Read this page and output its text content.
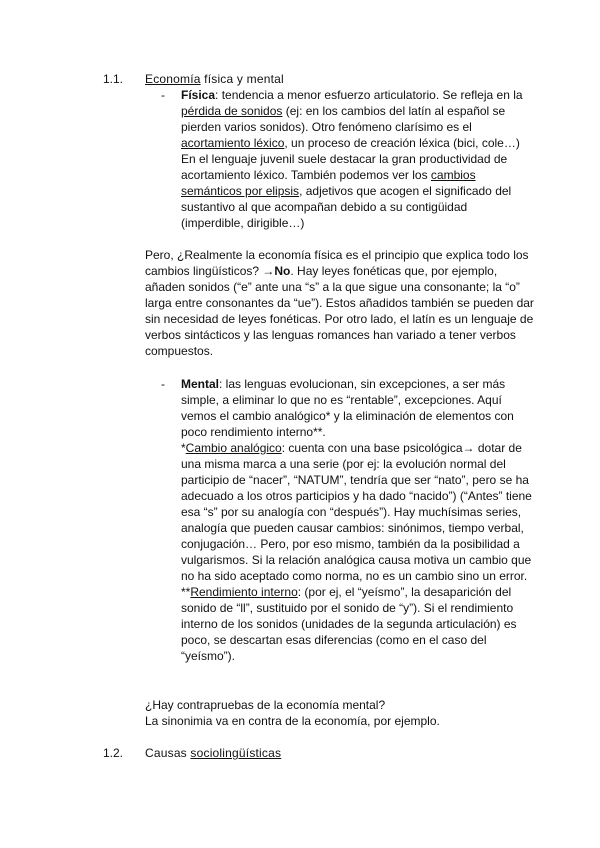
1.1. Economía física y mental
- Física: tendencia a menor esfuerzo articulatorio. Se refleja en la pérdida de sonidos (ej: en los cambios del latín al español se pierden varios sonidos). Otro fenómeno clarísimo es el acortamiento léxico, un proceso de creación léxica (bici, cole…) En el lenguaje juvenil suele destacar la gran productividad de acortamiento léxico. También podemos ver los cambios semánticos por elipsis, adjetivos que acogen el significado del sustantivo al que acompañan debido a su contigüidad (imperdible, dirigible…)
Pero, ¿Realmente la economía física es el principio que explica todo los cambios lingüísticos? →No. Hay leyes fonéticas que, por ejemplo, añaden sonidos (“e” ante una “s” a la que sigue una consonante; la “o” larga entre consonantes da “ue”). Estos añadidos también se pueden dar sin necesidad de leyes fonéticas. Por otro lado, el latín es un lenguaje de verbos sintácticos y las lenguas romances han variado a tener verbos compuestos.
- Mental: las lenguas evolucionan, sin excepciones, a ser más simple, a eliminar lo que no es “rentable”, excepciones. Aquí vemos el cambio analógico* y la eliminación de elementos con poco rendimiento interno**.

*Cambio analógico: cuenta con una base psicológica→ dotar de una misma marca a una serie (por ej: la evolución normal del participio de “nacer”, “NATUM”, tendría que ser “nato”, pero se ha adecuado a los otros participios y ha dado “nacido”) (“Antes” tiene esa “s” por su analogía con “después”). Hay muchísimas series, analogía que pueden causar cambios: sinónimos, tiempo verbal, conjugación… Pero, por eso mismo, también da la posibilidad a vulgarismos. Si la relación analógica causa motiva un cambio que no ha sido aceptado como norma, no es un cambio sino un error.

**Rendimiento interno: (por ej, el “yeísmo”, la desaparición del sonido de “ll”, sustituido por el sonido de “y”). Si el rendimiento interno de los sonidos (unidades de la segunda articulación) es poco, se descartan esas diferencias (como en el caso del “yeísmo”).

¿Hay contrapruebas de la economía mental?
La sinonimia va en contra de la economía, por ejemplo.
1.2. Causas sociolingüísticas
